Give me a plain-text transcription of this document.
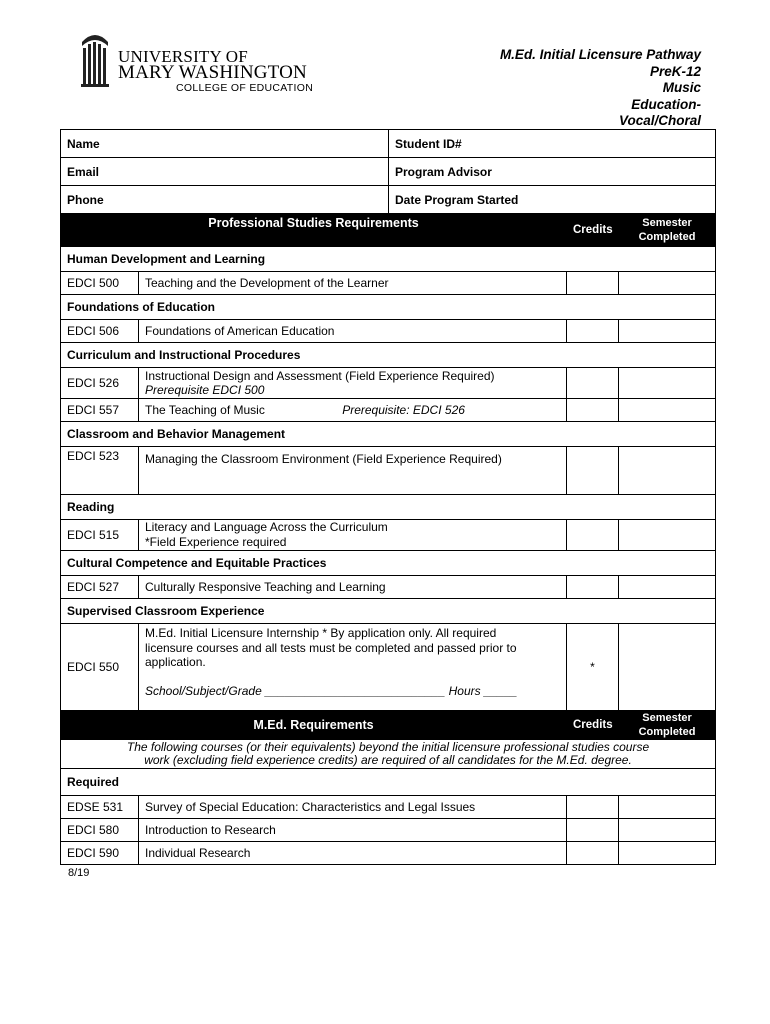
UNIVERSITY OF
MARY WASHINGTON
COLLEGE OF EDUCATION
M.Ed. Initial Licensure Pathway
PreK-12
Music
Education-
Vocal/Choral
Name		Student ID#		
Email		Program Advisor		
Phone		Date Program Started		
Professional Studies Requirements			Credits	Semester Completed
Human Development and Learning				
EDCI 500	Teaching and the Development of the Learner			
Foundations of Education				
EDCI 506	Foundations of American Education			
Curriculum and Instructional Procedures				
EDCI 526	Instructional Design and Assessment (Field Experience Required)
Prerequisite EDCI 500			

EDCI 557	The Teaching of Music Prerequisite: EDCI 526			
Classroom and Behavior Management				
EDCI 523	Managing the Classroom Environment (Field Experience Required)			
Reading				
EDCI 515	Literacy and Language Across the Curriculum
*Field Experience required			

Cultural Competence and Equitable Practices				
EDCI 527	Culturally Responsive Teaching and Learning			
Supervised Classroom Experience				
EDCI 550	M.Ed. Initial Licensure Internship * By application only. All required licensure courses and all tests must be completed and passed prior to application.
School/Subject/Grade ___________________________ Hours _____		*	
M.Ed. Requirements			Credits	Semester Completed
The following courses (or their equivalents) beyond the initial licensure professional studies course work (excluding field experience credits) are required of all candidates for the M.Ed. degree.				
Required				
EDSE 531	Survey of Special Education: Characteristics and Legal Issues			
EDCI 580	Introduction to Research			
EDCI 590	Individual Research			
8/19
